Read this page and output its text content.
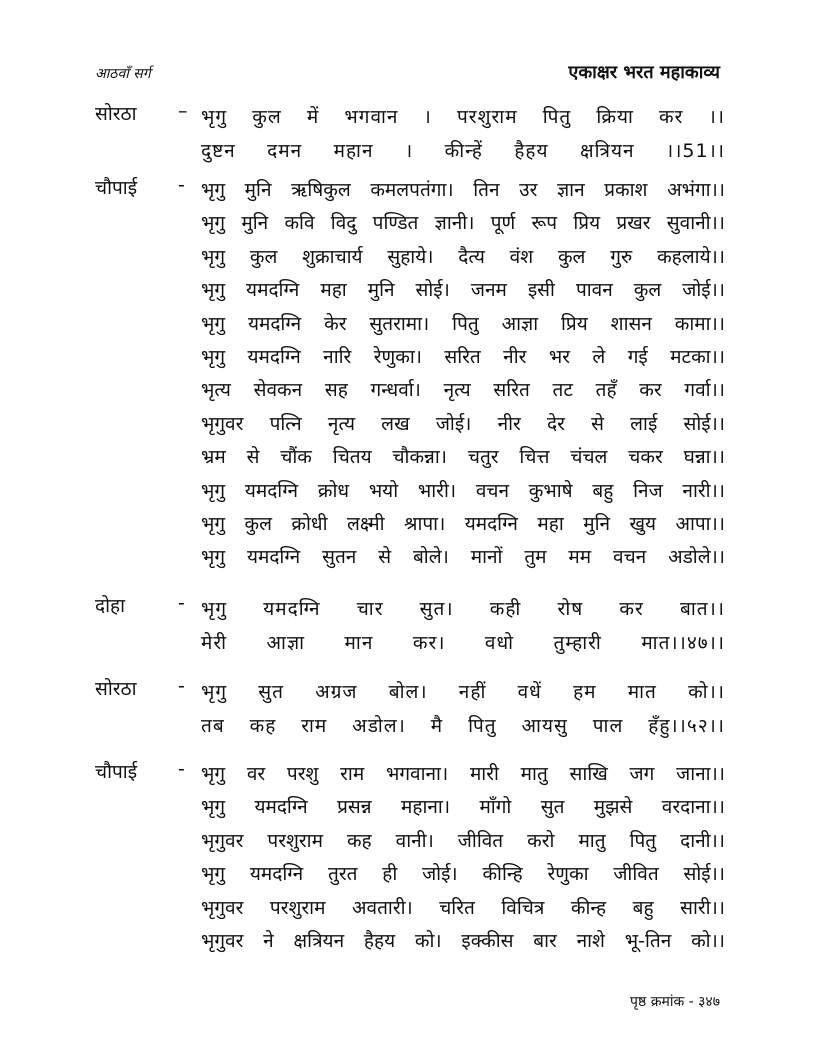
आठवाँ सर्ग	एकाक्षर भरत महाकाव्य
सोरठा – भृगु कुल में भगवान । परशुराम पितु क्रिया कर ।।
दुष्टन दमन महान । कीन्हें हैहय क्षत्रियन ।।51।।
चौपाई - भृगु मुनि ऋषिकुल कमलपतंगा। तिन उर ज्ञान प्रकाश अभंगा।।
भृगु मुनि कवि विदु पण्डित ज्ञानी। पूर्ण रूप प्रिय प्रखर सुवानी।।
भृगु कुल शुक्राचार्य सुहाये। दैत्य वंश कुल गुरु कहलाये।।
भृगु यमदग्नि महा मुनि सोई। जनम इसी पावन कुल जोई।।
भृगु यमदग्नि केर सुतरामा। पितु आज्ञा प्रिय शासन कामा।।
भृगु यमदग्नि नारि रेणुका। सरित नीर भर ले गई मटका।।
भृत्य सेवकन सह गन्धर्वा। नृत्य सरित तट तहँ कर गर्वा।।
भृगुवर पत्नि नृत्य लख जोई। नीर देर से लाई सोई।।
भ्रम से चौंक चितय चौकन्ना। चतुर चित्त चंचल चकर घन्ना।।
भृगु यमदग्नि क्रोध भयो भारी। वचन कुभाषे बहु निज नारी।।
भृगु कुल क्रोधी लक्ष्मी श्रापा। यमदग्नि महा मुनि खुय आपा।।
भृगु यमदग्नि सुतन से बोले। मानों तुम मम वचन अडोले।।
दोहा	- भृगु यमदग्नि चार सुत। कही रोष कर बात।।
मेरी आज्ञा मान कर। वधो तुम्हारी मात।।४७।।
सोरठा - भृगु सुत अग्रज बोल। नहीं वधें हम मात को।।
तब कह राम अडोल। मै पितु आयसु पाल हँहु।।५२।।
चौपाई - भृगु वर परशु राम भगवाना। मारी मातु साखि जग जाना।।
भृगु यमदग्नि प्रसन्न महाना। माँगो सुत मुझसे वरदाना।।
भृगुवर परशुराम कह वानी। जीवित करो मातु पितु दानी।।
भृगु यमदग्नि तुरत ही जोई। कीन्हि रेणुका जीवित सोई।।
भृगुवर परशुराम अवतारी। चरित विचित्र कीन्ह बहु सारी।।
भृगुवर ने क्षत्रियन हैहय को। इक्कीस बार नाशे भू-तिन को।।
पृष्ठ क्रमांक - ३४७
